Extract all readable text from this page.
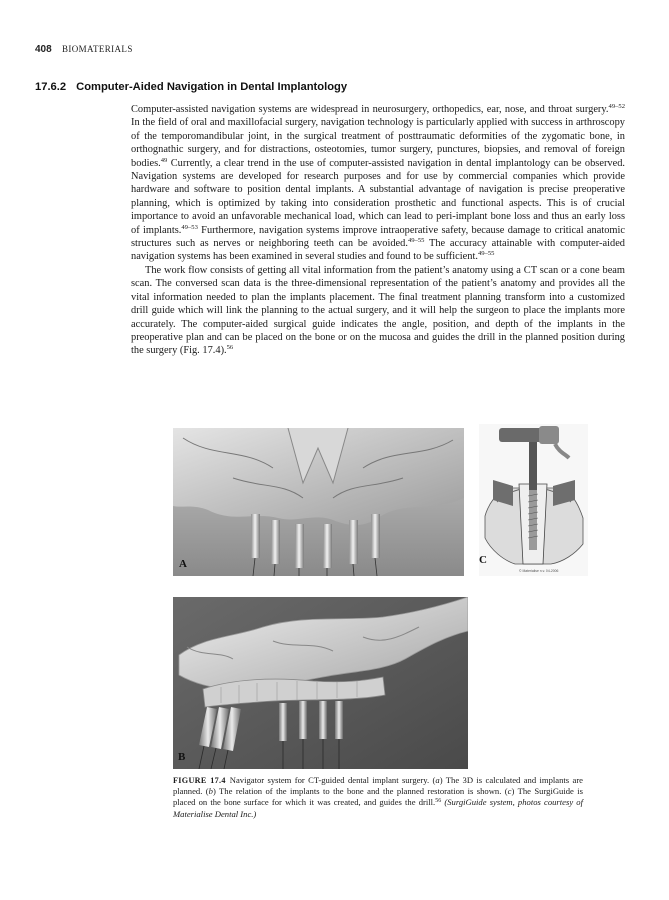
408 BIOMATERIALS
17.6.2 Computer-Aided Navigation in Dental Implantology

Computer-assisted navigation systems are widespread in neurosurgery, orthopedics, ear, nose, and throat surgery.$^{49-52}$ In the field of oral and maxillofacial surgery, navigation technology is particularly applied with success in arthroscopy of the temporomandibular joint, in the surgical treatment of posttraumatic deformities of the zygomatic bone, in orthognathic surgery, and for distractions, osteotomies, tumor surgery, punctures, biopsies, and removal of foreign bodies.$^{49}$ Currently, a clear trend in the use of computer-assisted navigation in dental implantology can be observed. Navigation systems are developed for research purposes and for use by commercial companies which provide hardware and software to position dental implants. A substantial advantage of navigation is precise preoperative planning, which is optimized by taking into consideration prosthetic and functional aspects. This is of crucial importance to avoid an unfavorable mechanical load, which can lead to peri-implant bone loss and thus an early loss of implants.$^{49-53}$ Furthermore, navigation systems improve intraoperative safety, because damage to critical anatomic structures such as nerves or neighboring teeth can be avoided.$^{49-55}$ The accuracy attainable with computer-aided navigation systems has been examined in several studies and found to be sufficient.$^{49-55}$

The work flow consists of getting all vital information from the patient’s anatomy using a CT scan or a cone beam scan. The conversed scan data is the three-dimensional representation of the patient’s anatomy and provides all the vital information needed to plan the implants placement. The final treatment planning transform into a customized drill guide which will link the planning to the actual surgery, and it will help the surgeon to place the implants more accurately. The computer-aided surgical guide indicates the angle, position, and depth of the implants in the preoperative plan and can be placed on the bone or on the mucosa and guides the drill in the planned position during the surgery (Fig. 17.4).$^{56}$

A	C
© Materialise n.v. 04-2006
B
FIGURE 17.4 Navigator system for CT-guided dental implant surgery. (a) The 3D is calculated and implants are planned. (b) The relation of the implants to the bone and the planned restoration is shown. (c) The SurgiGuide is placed on the bone surface for which it was created, and guides the drill.$^{56}$ (SurgiGuide system, photos courtesy of Materialise Dental Inc.)
